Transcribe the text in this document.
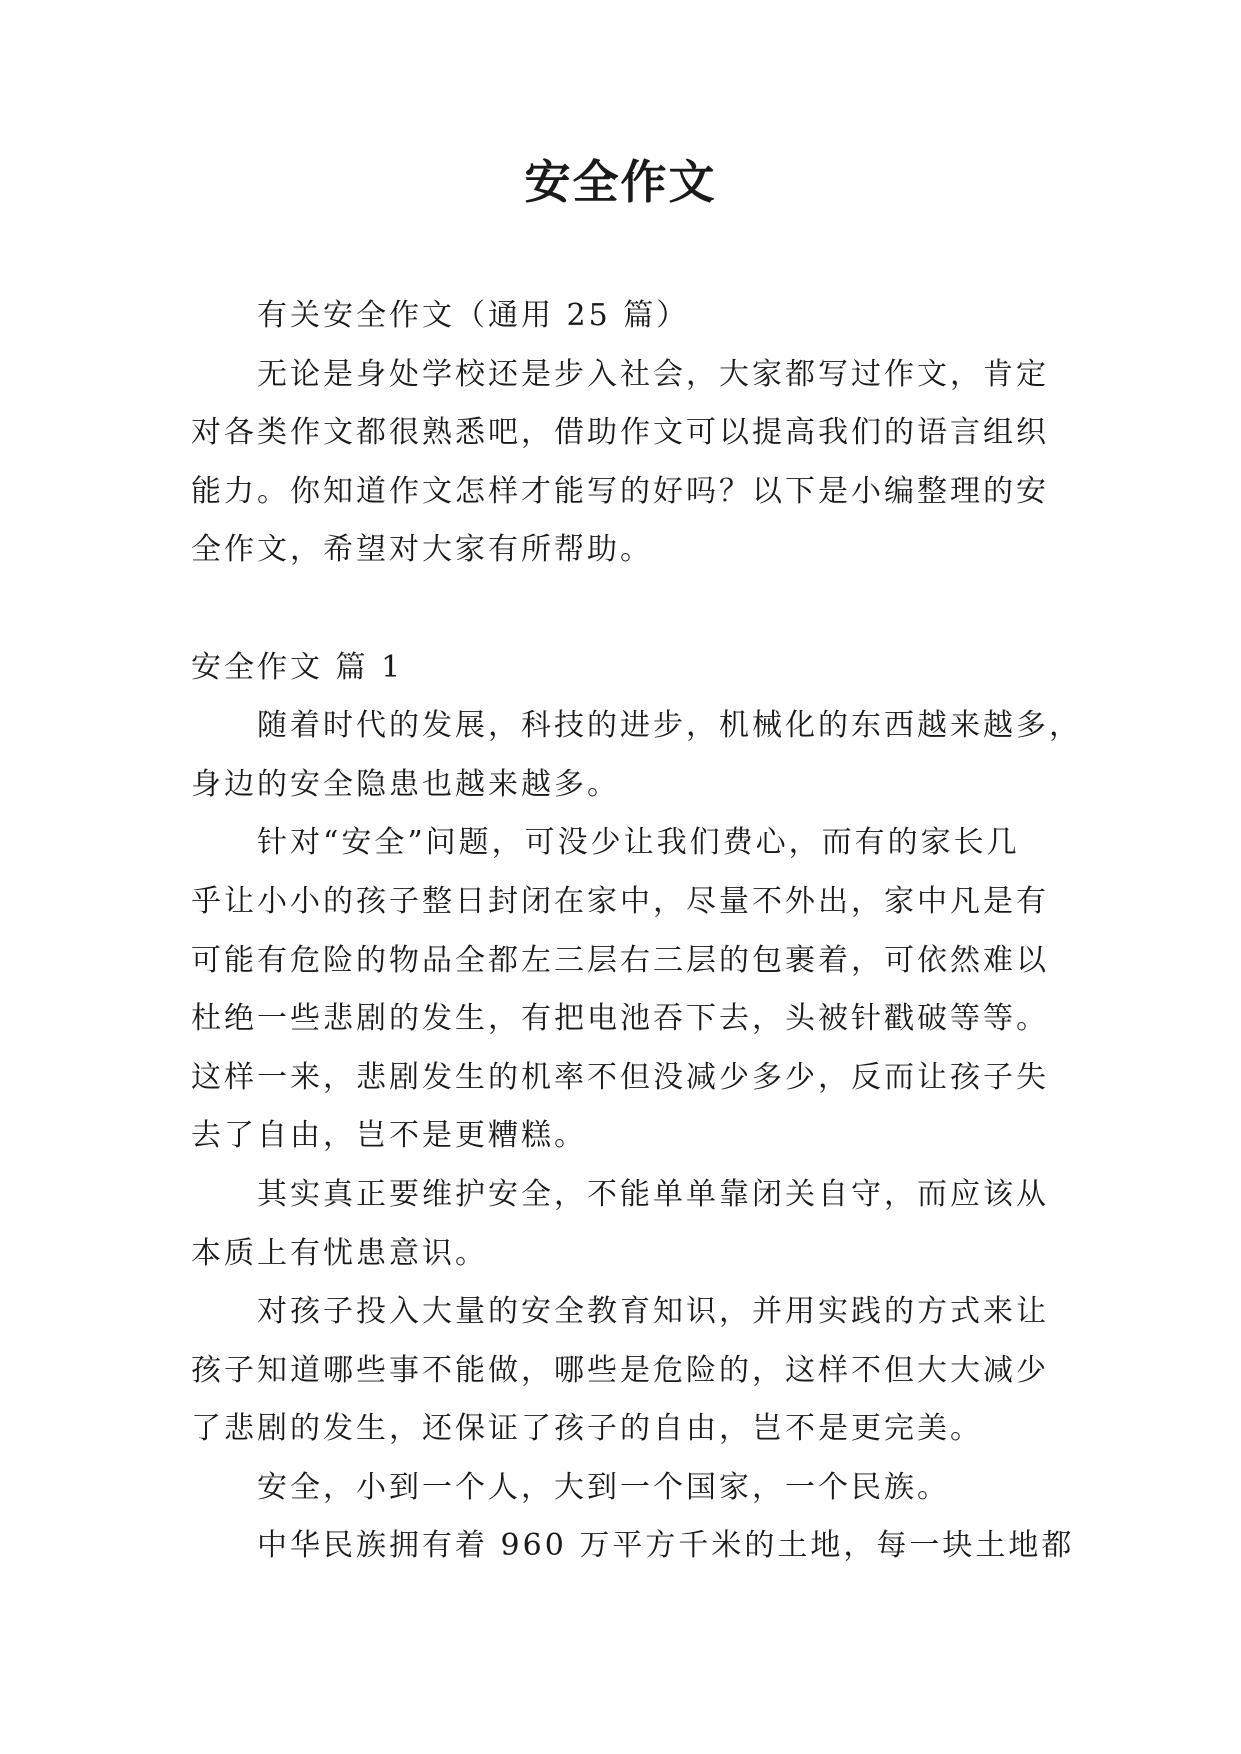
安全作文
有关安全作文（通用 25 篇）
无论是身处学校还是步入社会，大家都写过作文，肯定
对各类作文都很熟悉吧，借助作文可以提高我们的语言组织
能力。你知道作文怎样才能写的好吗？以下是小编整理的安
全作文，希望对大家有所帮助。
安全作文 篇 1
随着时代的发展，科技的进步，机械化的东西越来越多，
身边的安全隐患也越来越多。
针对“安全”问题，可没少让我们费心，而有的家长几
乎让小小的孩子整日封闭在家中，尽量不外出，家中凡是有
可能有危险的物品全都左三层右三层的包裹着，可依然难以
杜绝一些悲剧的发生，有把电池吞下去，头被针戳破等等。
这样一来，悲剧发生的机率不但没减少多少，反而让孩子失
去了自由，岂不是更糟糕。
其实真正要维护安全，不能单单靠闭关自守，而应该从
本质上有忧患意识。
对孩子投入大量的安全教育知识，并用实践的方式来让
孩子知道哪些事不能做，哪些是危险的，这样不但大大减少
了悲剧的发生，还保证了孩子的自由，岂不是更完美。
安全，小到一个人，大到一个国家，一个民族。
中华民族拥有着 960 万平方千米的土地，每一块土地都
